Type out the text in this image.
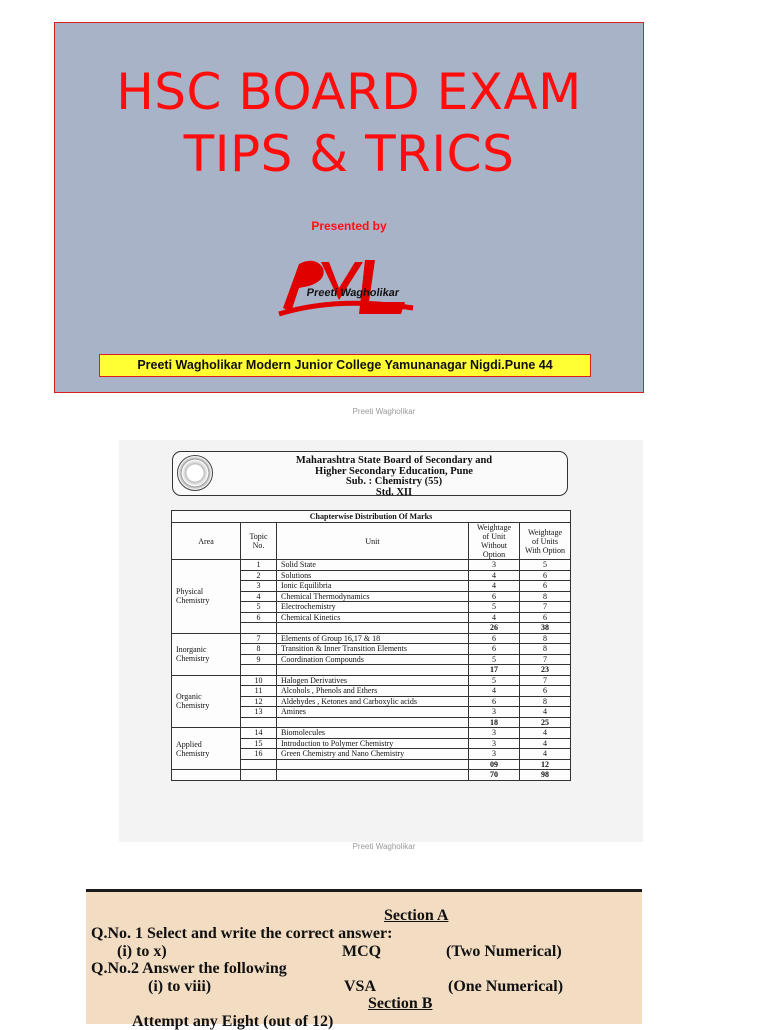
HSC BOARD EXAM
TIPS & TRICS
Presented by
Preeti Wagholikar
Preeti Wagholikar Modern Junior College Yamunanagar Nigdi.Pune 44
Preeti Wagholikar
Maharashtra State Board of Secondary and
Higher Secondary Education, Pune
Sub. : Chemistry (55)
Std. XII
Chapterwise Distribution Of Marks				
Area	Topic No.	Unit	Weightage of Unit Without Option	Weightage of Units With Option
Physical Chemistry	1	Solid State	3	5
	2	Solutions	4	6
	3	Ionic Equilibria	4	6
	4	Chemical Thermodynamics	6	8
	5	Electrochemistry	5	7
	6	Chemical Kinetics	4	6
			26	38
Inorganic Chemistry	7	Elements of Group 16,17 & 18	6	8
	8	Transition & Inner Transition Elements	6	8
	9	Coordination Compounds	5	7
			17	23
Organic Chemistry	10	Halogen Derivatives	5	7
	11	Alcohols , Phenols and Ethers	4	6
	12	Aldehydes , Ketones and Carboxylic acids	6	8
	13	Amines	3	4
			18	25
Applied Chemistry	14	Biomolecules	3	4
	15	Introduction to Polymer Chemistry	3	4
	16	Green Chemistry and Nano Chemistry	3	4
			09	12
			70	98
Preeti Wagholikar
Section A
Q.No. 1 Select and write the correct answer:
(i) to x)	MCQ	(Two Numerical)
Q.No.2 Answer the following
(i) to viii)	VSA	(One Numerical)
Section B
Attempt any Eight (out of 12)
